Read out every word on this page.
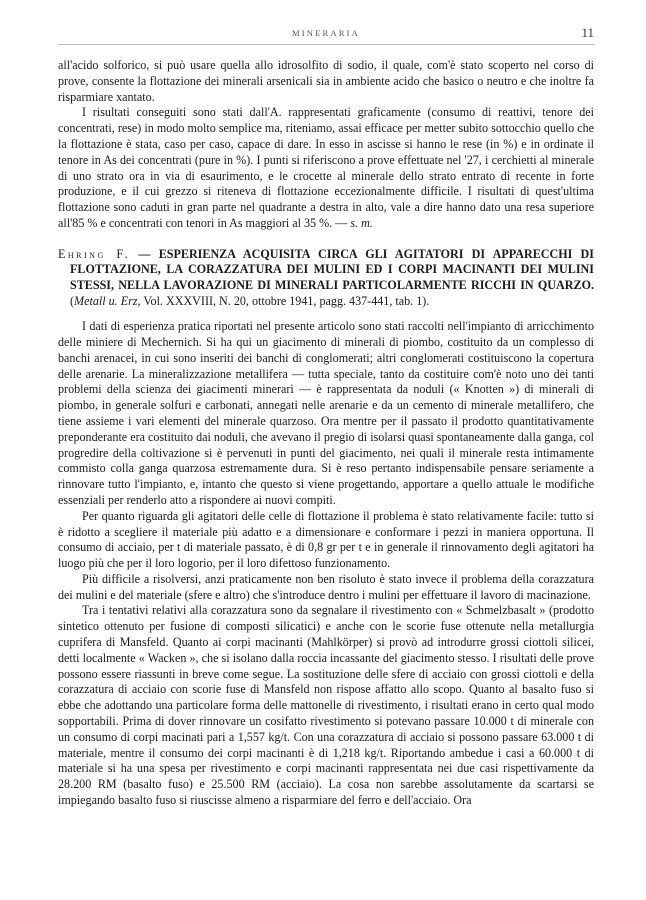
MINERARIA	11

all'acido solforico, si può usare quella allo idrosolfito di sodio, il quale, com'è stato scoperto nel corso di prove, consente la flottazione dei minerali arsenicali sia in ambiente acido che basico o neutro e che inoltre fa risparmiare xantato.

I risultati conseguiti sono stati dall'A. rappresentati graficamente (consumo di reattivi, tenore dei concentrati, rese) in modo molto semplice ma, riteniamo, assai efficace per metter subito sottocchio quello che la flottazione è stata, caso per caso, capace di dare. In esso in ascisse si hanno le rese (in %) e in ordinate il tenore in As dei concentrati (pure in %). I punti si riferiscono a prove effettuate nel '27, i cerchietti al minerale di uno strato ora in via di esaurimento, e le crocette al minerale dello strato entrato di recente in forte produzione, e il cui grezzo si riteneva di flottazione eccezionalmente difficile. I risultati di quest'ultima flottazione sono caduti in gran parte nel quadrante a destra in alto, vale a dire hanno dato una resa superiore all'85 % e concentrati con tenori in As maggiori al 35 %. — s. m.

Ehring F. — ESPERIENZA ACQUISITA CIRCA GLI AGITATORI DI APPARECCHI DI FLOTTAZIONE, LA CORAZZATURA DEI MULINI ED I CORPI MACINANTI DEI MULINI STESSI, NELLA LAVORAZIONE DI MINERALI PARTICOLARMENTE RICCHI IN QUARZO. (Metall u. Erz, Vol. XXXVIII, N. 20, ottobre 1941, pagg. 437-441, tab. 1).

I dati di esperienza pratica riportati nel presente articolo sono stati raccolti nell'impianto di arricchimento delle miniere di Mechernich. Si ha qui un giacimento di minerali di piombo, costituito da un complesso di banchi arenacei, in cui sono inseriti dei banchi di conglomerati; altri conglomerati costituiscono la copertura delle arenarie. La mineralizzazione metallifera — tutta speciale, tanto da costituire com'è noto uno dei tanti problemi della scienza dei giacimenti minerari — è rappresentata da noduli (« Knotten ») di minerali di piombo, in generale solfuri e carbonati, annegati nelle arenarie e da un cemento di minerale metallifero, che tiene assieme i vari elementi del minerale quarzoso. Ora mentre per il passato il prodotto quantitativamente preponderante era costituito dai noduli, che avevano il pregio di isolarsi quasi spontaneamente dalla ganga, col progredire della coltivazione si è pervenuti in punti del giacimento, nei quali il minerale resta intimamente commisto colla ganga quarzosa estremamente dura. Si è reso pertanto indispensabile pensare seriamente a rinnovare tutto l'impianto, e, intanto che questo si viene progettando, apportare a quello attuale le modifiche essenziali per renderlo atto a rispondere ai nuovi compiti.

Per quanto riguarda gli agitatori delle celle di flottazione il problema è stato relativamente facile: tutto si è ridotto a scegliere il materiale più adatto e a dimensionare e conformare i pezzi in maniera opportuna. Il consumo di acciaio, per t di materiale passato, è di 0,8 gr per t e in generale il rinnovamento degli agitatori ha luogo più che per il loro logorio, per il loro difettoso funzionamento.

Più difficile a risolversi, anzi praticamente non ben risoluto è stato invece il problema della corazzatura dei mulini e del materiale (sfere e altro) che s'introduce dentro i mulini per effettuare il lavoro di macinazione.

Tra i tentativi relativi alla corazzatura sono da segnalare il rivestimento con « Schmelzbasalt » (prodotto sintetico ottenuto per fusione di composti silicatici) e anche con le scorie fuse ottenute nella metallurgia cuprifera di Mansfeld. Quanto ai corpi macinanti (Mahlkörper) si provò ad introdurre grossi ciottoli silicei, detti localmente « Wacken », che si isolano dalla roccia incassante del giacimento stesso. I risultati delle prove possono essere riassunti in breve come segue. La sostituzione delle sfere di acciaio con grossi ciottoli e della corazzatura di acciaio con scorie fuse di Mansfeld non rispose affatto allo scopo. Quanto al basalto fuso si ebbe che adottando una particolare forma delle mattonelle di rivestimento, i risultati erano in certo qual modo sopportabili. Prima di dover rinnovare un cosifatto rivestimento si potevano passare 10.000 t di minerale con un consumo di corpi macinati pari a 1,557 kg/t. Con una corazzatura di acciaio si possono passare 63.000 t di materiale, mentre il consumo dei corpi macinanti è di 1,218 kg/t. Riportando ambedue i casi a 60.000 t di materiale si ha una spesa per rivestimento e corpi macinanti rappresentata nei due casi rispettivamente da 28.200 RM (basalto fuso) e 25.500 RM (acciaio). La cosa non sarebbe assolutamente da scartarsi se impiegando basalto fuso si riuscisse almeno a risparmiare del ferro e dell'acciaio. Ora
